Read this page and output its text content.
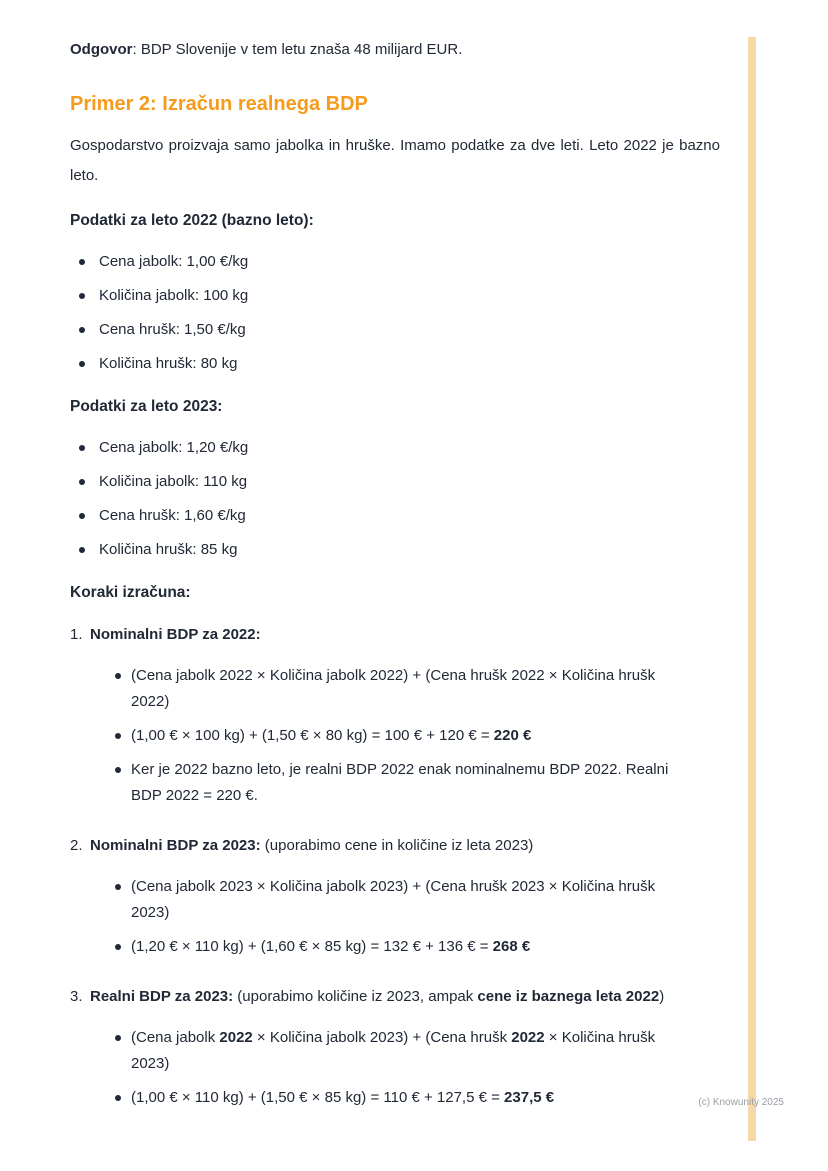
Odgovor: BDP Slovenije v tem letu znaša 48 milijard EUR.

Primer 2: Izračun realnega BDP

Gospodarstvo proizvaja samo jabolka in hruške. Imamo podatke za dve leti. Leto 2022 je bazno leto.

Podatki za leto 2022 (bazno leto):

Cena jabolk: 1,00 €/kg
Količina jabolk: 100 kg
Cena hrušk: 1,50 €/kg
Količina hrušk: 80 kg

Podatki za leto 2023:

Cena jabolk: 1,20 €/kg
Količina jabolk: 110 kg
Cena hrušk: 1,60 €/kg
Količina hrušk: 85 kg

Koraki izračuna:

1. Nominalni BDP za 2022:

(Cena jabolk 2022 × Količina jabolk 2022) + (Cena hrušk 2022 × Količina hrušk 2022)
(1,00 € × 100 kg) + (1,50 € × 80 kg) = 100 € + 120 € = 220 €
Ker je 2022 bazno leto, je realni BDP 2022 enak nominalnemu BDP 2022. Realni BDP 2022 = 220 €.
2. Nominalni BDP za 2023: (uporabimo cene in količine iz leta 2023)

(Cena jabolk 2023 × Količina jabolk 2023) + (Cena hrušk 2023 × Količina hrušk 2023)
(1,20 € × 110 kg) + (1,60 € × 85 kg) = 132 € + 136 € = 268 €
3. Realni BDP za 2023: (uporabimo količine iz 2023, ampak cene iz baznega leta 2022)

(Cena jabolk 2022 × Količina jabolk 2023) + (Cena hrušk 2022 × Količina hrušk 2023)
(1,00 € × 110 kg) + (1,50 € × 85 kg) = 110 € + 127,5 € = 237,5 €	(c) Knowunity 2025
